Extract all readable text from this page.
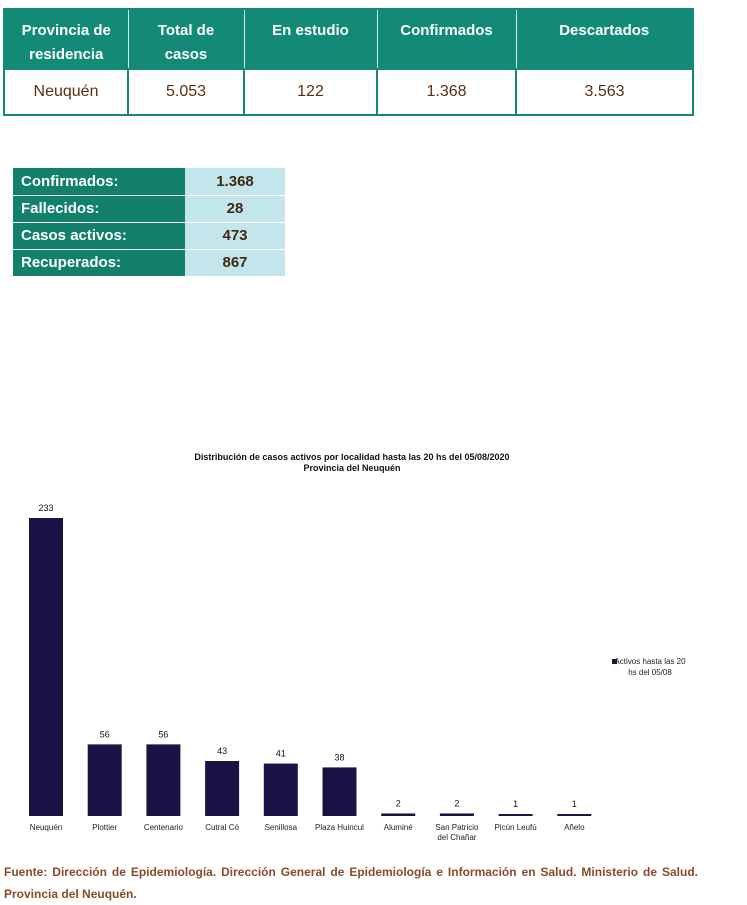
Provincia de residencia	Total de casos	En estudio	Confirmados	Descartados
Neuquén	5.053	122	1.368	3.563
Confirmados:	1.368
Fallecidos:	28
Casos activos:	473
Recuperados:	867
Distribución de casos activos por localidad hasta las 20 hs del 05/08/2020
Provincia del Neuquén
233
Neuquén
56
Plottier
56
Centenario
43
Cutral Có
41
Senillosa
38
Plaza Huincul
2
Aluminé
2
San Patricio del Chañar
1
Picún Leufú
1
Añelo
Activos hasta las 20 hs del 05/08

Fuente: Dirección de Epidemiología. Dirección General de Epidemiología e Información en Salud. Ministerio de Salud. Provincia del Neuquén.
